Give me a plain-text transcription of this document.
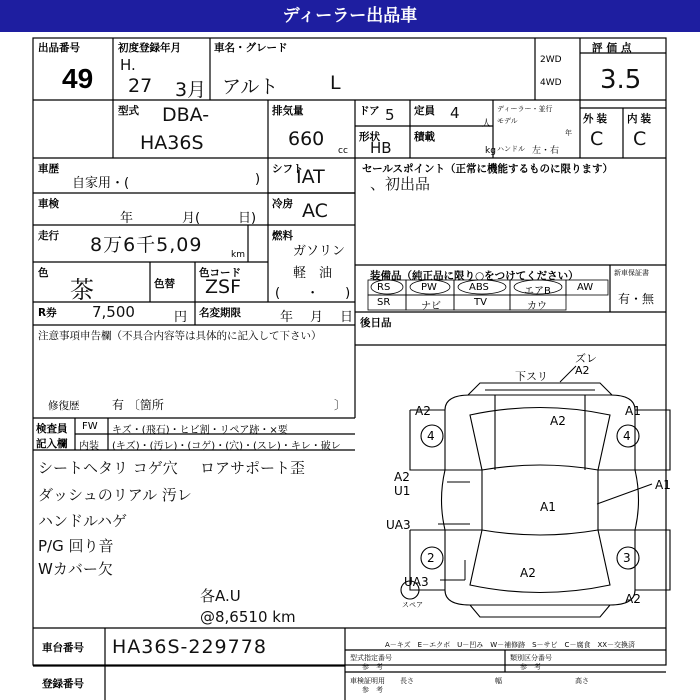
ディーラー出品車
出品番号
49
初度登録年月
H.
27 3月
車名・グレード
アルト	L
2WD
4WD
評価点
3.5
型式 DBA-
HA36S
排気量
660
cc
ドア 5 定員 4
人
ディーラー・並行
モデル
年
形状
HB
積載
kg ハンドル 左・右
外装 内装
C C
車歴
自家用・(	)
シフト
IAT	セールスポイント（正常に機能するものに限ります）
、初出品
車検
年	月(	日)
冷房 AC
走行 8万6千5,09	km
燃料
ガソリン
軽　油
(　　・　　)
色
茶	色替
色コード
ZSF	装備品（純正品に限り○をつけてください）
RS	PW	ABS	エアB	AW
SR	ナビ	TV	カウ
新車保証書
有・無
R券 7,500	円 名変期限	年 月 日 後日品
注意事項申告欄（不具合内容等は具体的に記入して下さい）
修復歴	有 〔箇所	〕
検査員
記入欄
FW
内装
キズ・(飛石)・ヒビ割・リペア跡・×要
(キズ)・(汚レ)・(コゲ)・(穴)・(スレ)・キレ・破レ
シートヘタリ コゲ穴
ダッシュのリアル 汚レ
ハンドルハゲ
P/G 回り音
Wカバー欠
ロアサポート歪
各A.U
@8,6510 km
下スリ
ズレ
A2
A2	A1
A2
A1
A2
U1
A2
UA3
UA3
A2
A1
4	4
2	3
スペア
A－キズ　E－エクボ　U－凹み　W－補修跡　S－サビ　C－腐食　XX－交換済
車台番号 HA36S-229778
登録番号
型式指定番号
参　考
類別区分番号
参　考
車検証明用
参　考
長さ	幅	高さ
